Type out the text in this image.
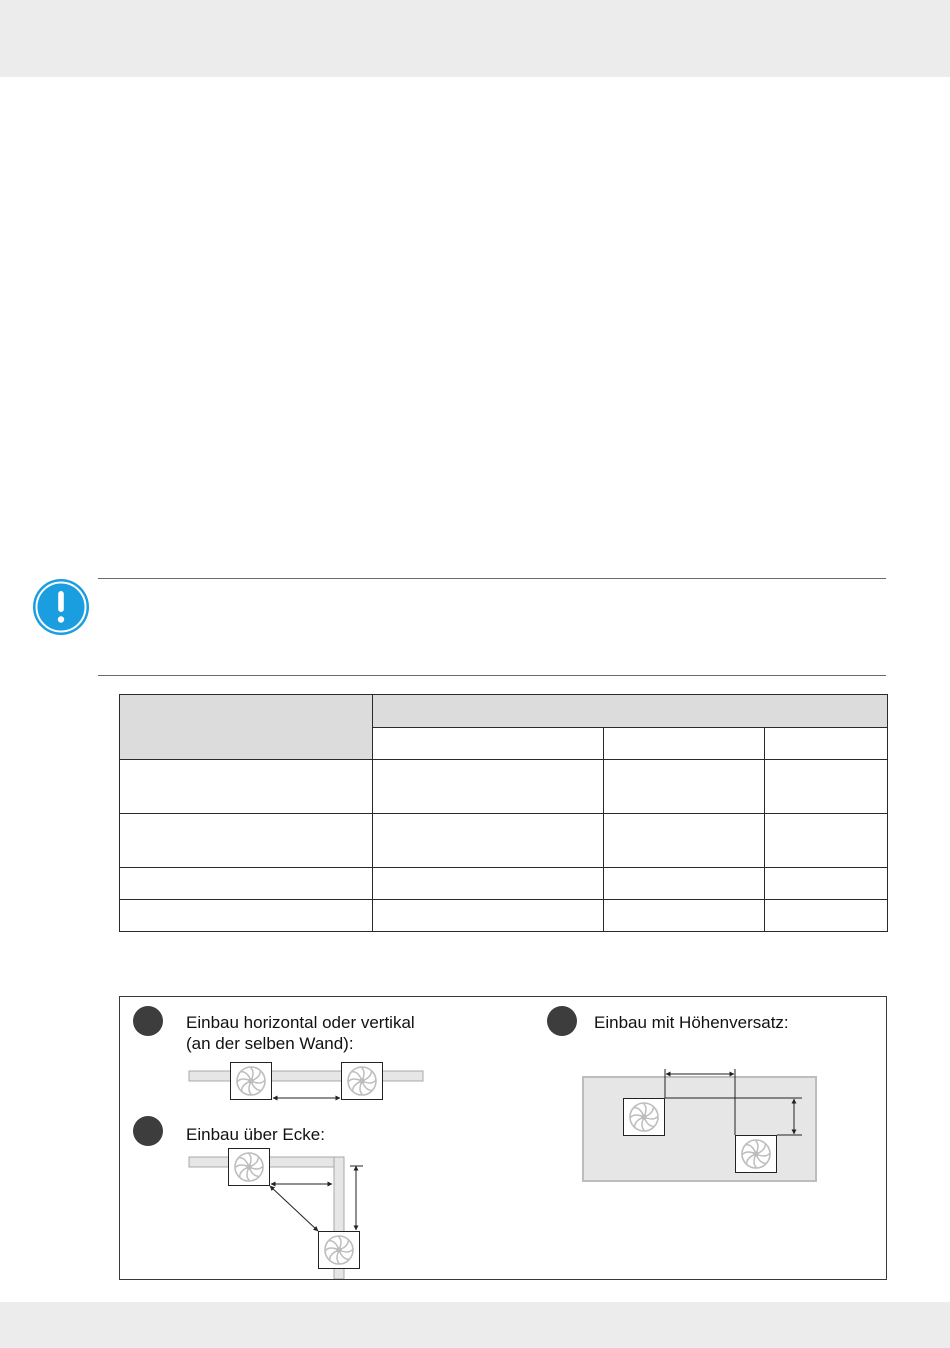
Einbau horizontal oder vertikal
(an der selben Wand):
Einbau über Ecke:
Einbau mit Höhenversatz:
